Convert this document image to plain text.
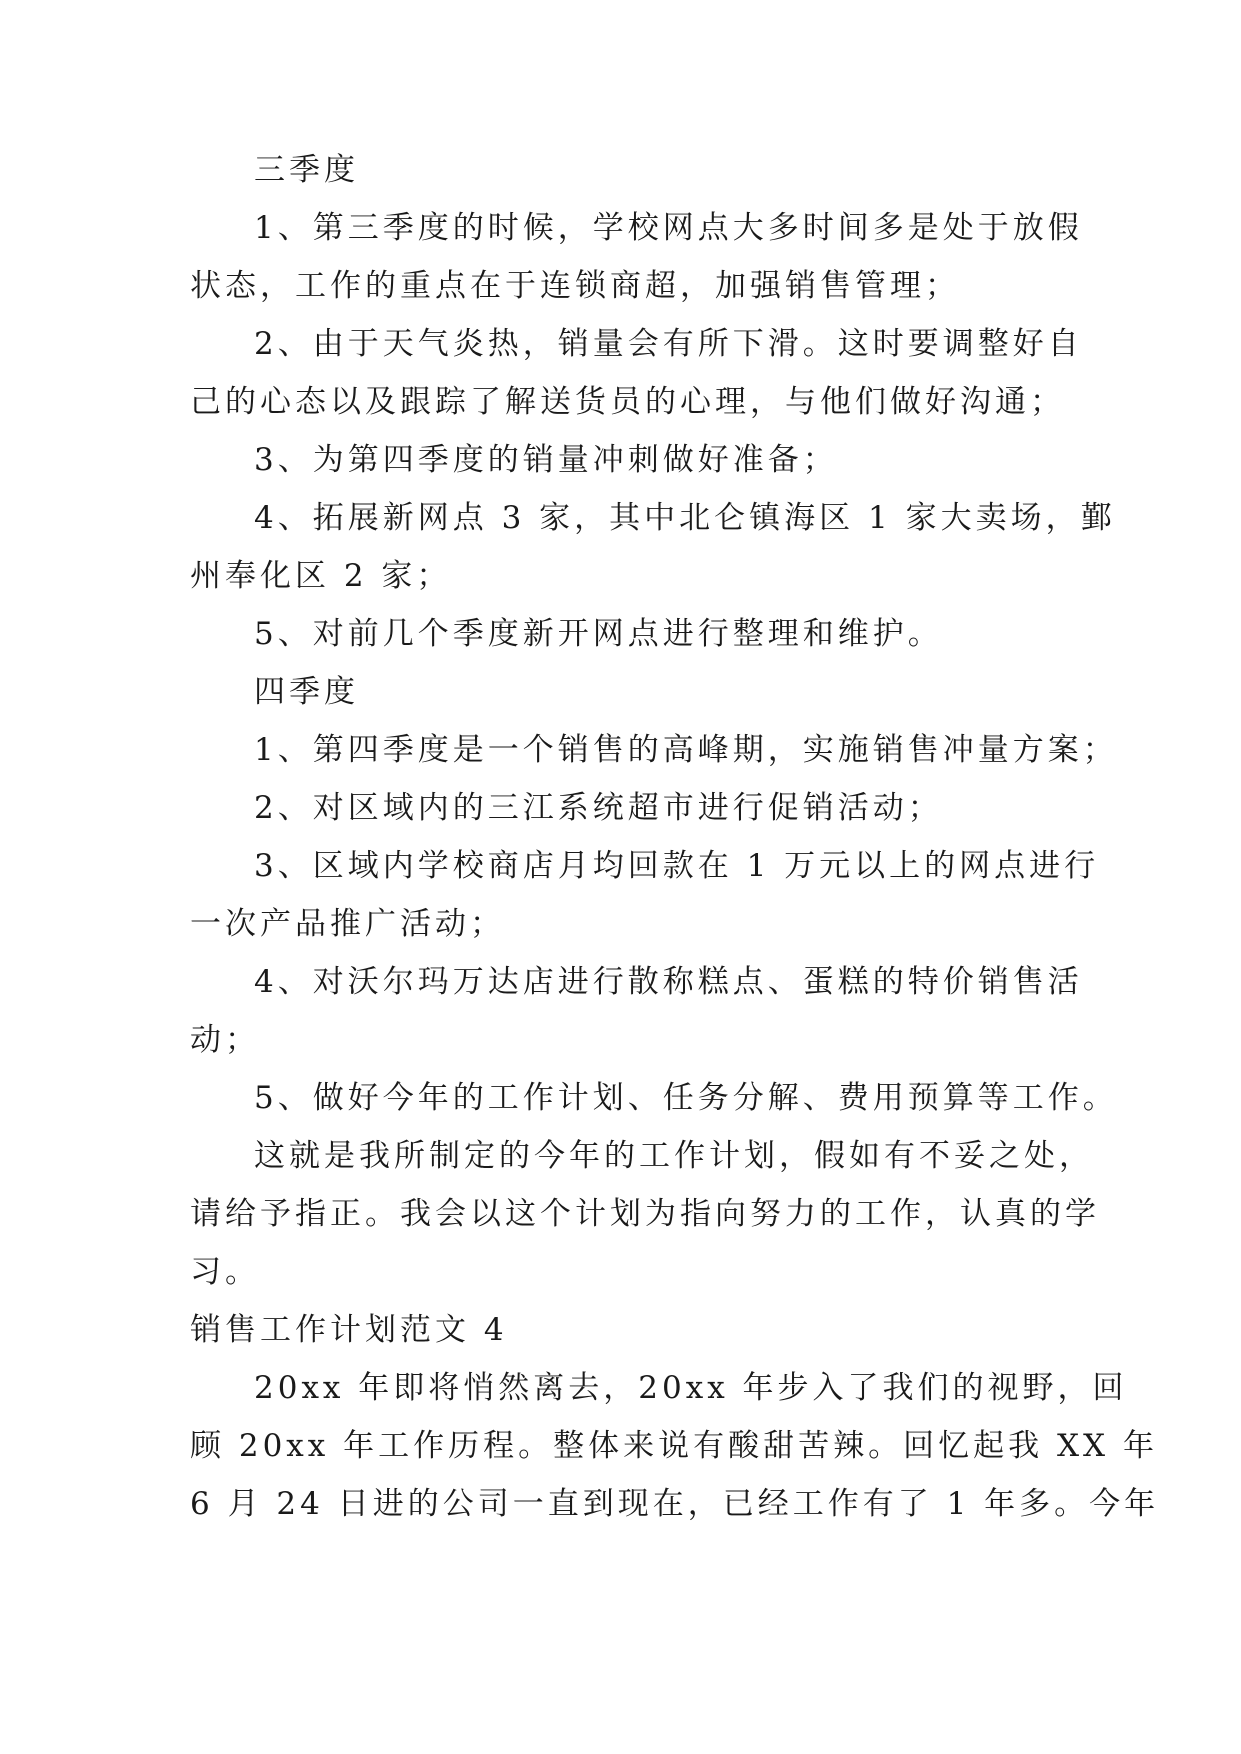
三季度
1、第三季度的时候，学校网点大多时间多是处于放假
状态，工作的重点在于连锁商超，加强销售管理；
2、由于天气炎热，销量会有所下滑。这时要调整好自
己的心态以及跟踪了解送货员的心理，与他们做好沟通；
3、为第四季度的销量冲刺做好准备；
4、拓展新网点 3 家，其中北仑镇海区 1 家大卖场，鄞
州奉化区 2 家；
5、对前几个季度新开网点进行整理和维护。
四季度
1、第四季度是一个销售的高峰期，实施销售冲量方案；
2、对区域内的三江系统超市进行促销活动；
3、区域内学校商店月均回款在 1 万元以上的网点进行
一次产品推广活动；
4、对沃尔玛万达店进行散称糕点、蛋糕的特价销售活
动；
5、做好今年的工作计划、任务分解、费用预算等工作。
这就是我所制定的今年的工作计划，假如有不妥之处，
请给予指正。我会以这个计划为指向努力的工作，认真的学
习。
销售工作计划范文 4
20xx 年即将悄然离去，20xx 年步入了我们的视野，回
顾 20xx 年工作历程。整体来说有酸甜苦辣。回忆起我 XX 年
6 月 24 日进的公司一直到现在，已经工作有了 1 年多。今年
